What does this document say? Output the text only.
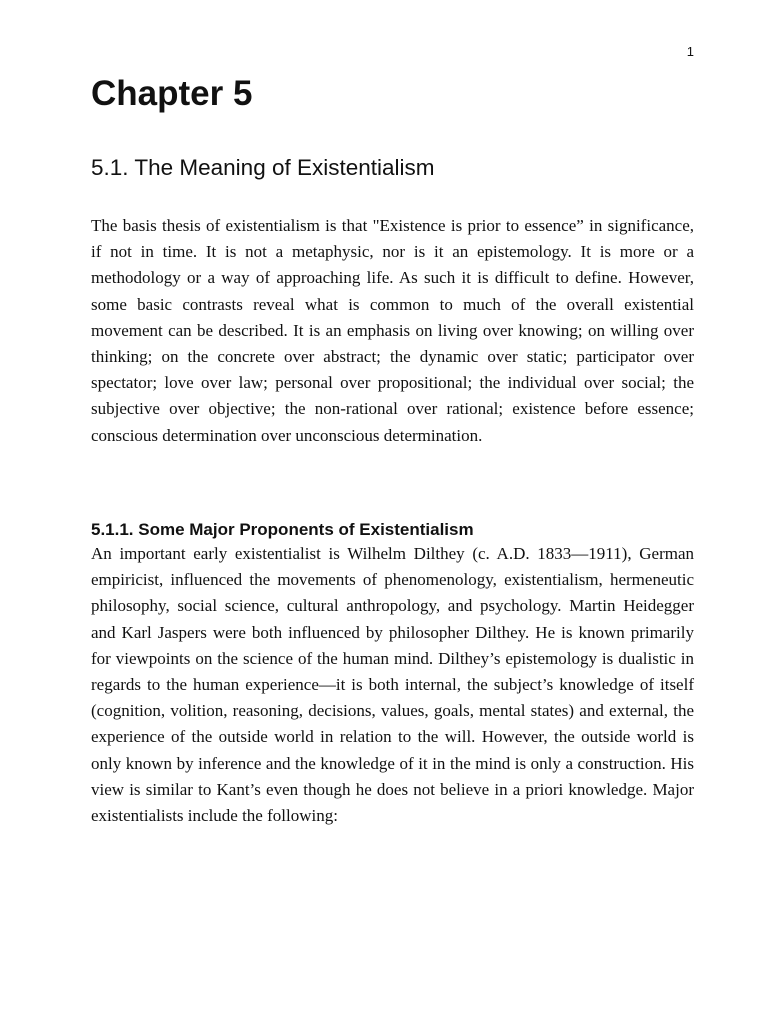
1
Chapter 5
5.1. The Meaning of Existentialism

The basis thesis of existentialism is that "Existence is prior to essence” in significance, if not in time. It is not a metaphysic, nor is it an epistemology. It is more or a methodology or a way of approaching life. As such it is difficult to define. However, some basic contrasts reveal what is common to much of the overall existential movement can be described. It is an emphasis on living over knowing; on willing over thinking; on the concrete over abstract; the dynamic over static; participator over spectator; love over law; personal over propositional; the individual over social; the subjective over objective; the non-rational over rational; existence before essence; conscious determination over unconscious determination.

5.1.1. Some Major Proponents of Existentialism

An important early existentialist is Wilhelm Dilthey (c. A.D. 1833—1911), German empiricist, influenced the movements of phenomenology, existentialism, hermeneutic philosophy, social science, cultural anthropology, and psychology. Martin Heidegger and Karl Jaspers were both influenced by philosopher Dilthey. He is known primarily for viewpoints on the science of the human mind. Dilthey’s epistemology is dualistic in regards to the human experience—it is both internal, the subject’s knowledge of itself (cognition, volition, reasoning, decisions, values, goals, mental states) and external, the experience of the outside world in relation to the will. However, the outside world is only known by inference and the knowledge of it in the mind is only a construction. His view is similar to Kant’s even though he does not believe in a priori knowledge. Major existentialists include the following:
